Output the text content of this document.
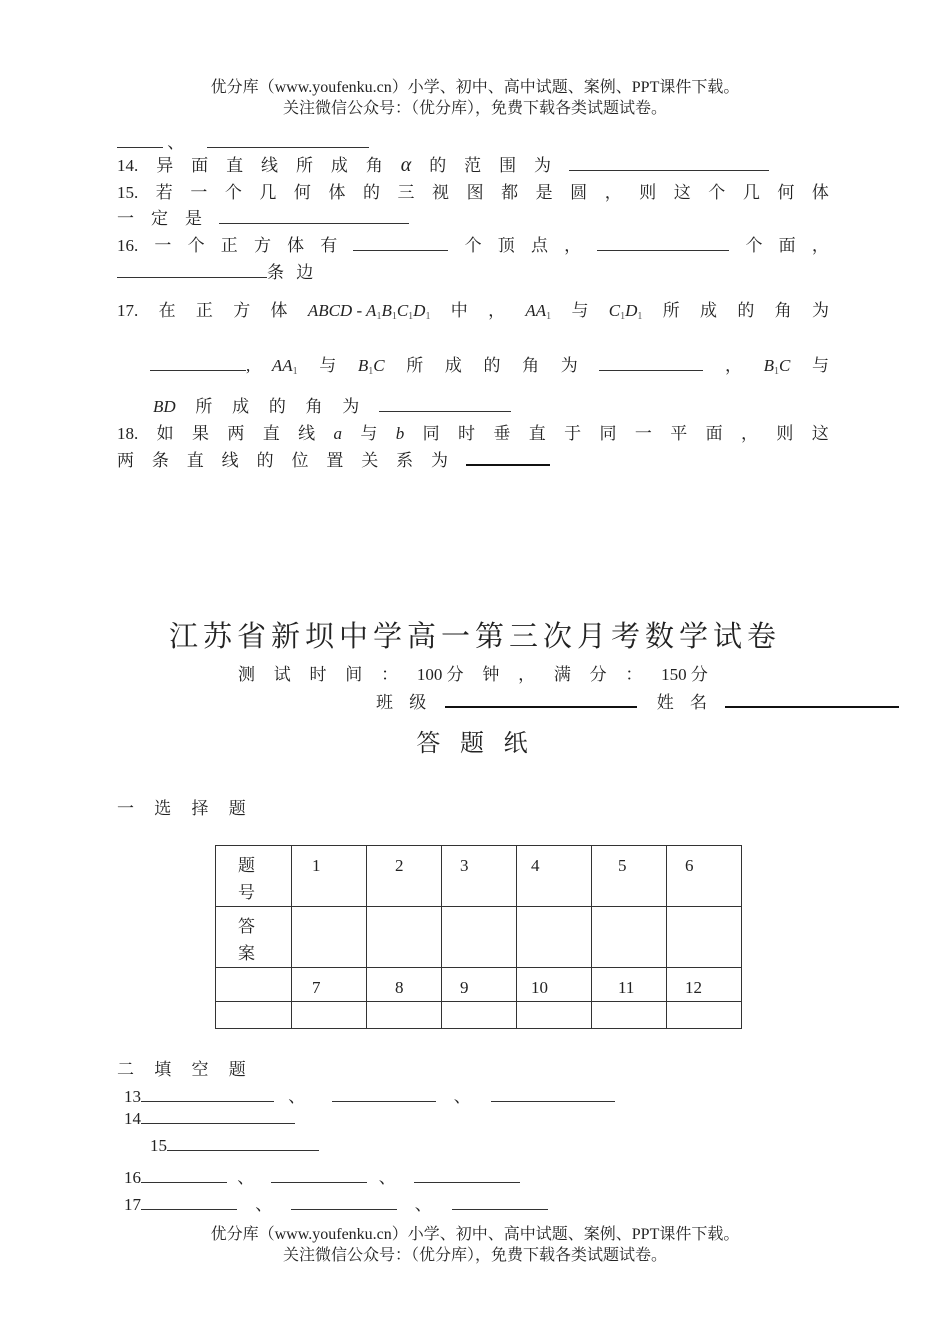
优分库（www.youfenku.cn）小学、初中、高中试题、案例、PPT课件下载。
关注微信公众号：（优分库），免费下载各类试题试卷。
、
14. 异 面 直 线 所 成 角 α 的 范 围 为
15. 若 一 个 几 何 体 的 三 视 图 都 是 圆 ， 则 这 个 几 何 体
一 定 是
16. 一 个 正 方 体 有	个 顶 点 ，	个 面 ，
条 边
17. 在 正 方 体 ABCD - $A_1B_1C_1D_1$ 中 ， $AA_1$ 与 $C_1D_1$ 所 成 的 角 为
, $AA_1$ 与 $B_1C$ 所 成 的 角 为	， $B_1C$ 与
BD 所 成 的 角 为
18. 如 果 两 直 线 a 与 b 同 时 垂 直 于 同 一 平 面 ， 则 这
两 条 直 线 的 位 置 关 系 为
江苏省新坝中学高一第三次月考数学试卷
测 试 时 间 ： 100 分 钟 ， 满 分 ： 150 分
班 级	姓 名
答 题 纸
一 选 择 题
题号	1	2	3	4	5	6

答案						

	7	8	9	10	11	12

二 填 空 题
13	、	、
14
15
16	、	、
17	、	、
优分库（www.youfenku.cn）小学、初中、高中试题、案例、PPT课件下载。
关注微信公众号：（优分库），免费下载各类试题试卷。
